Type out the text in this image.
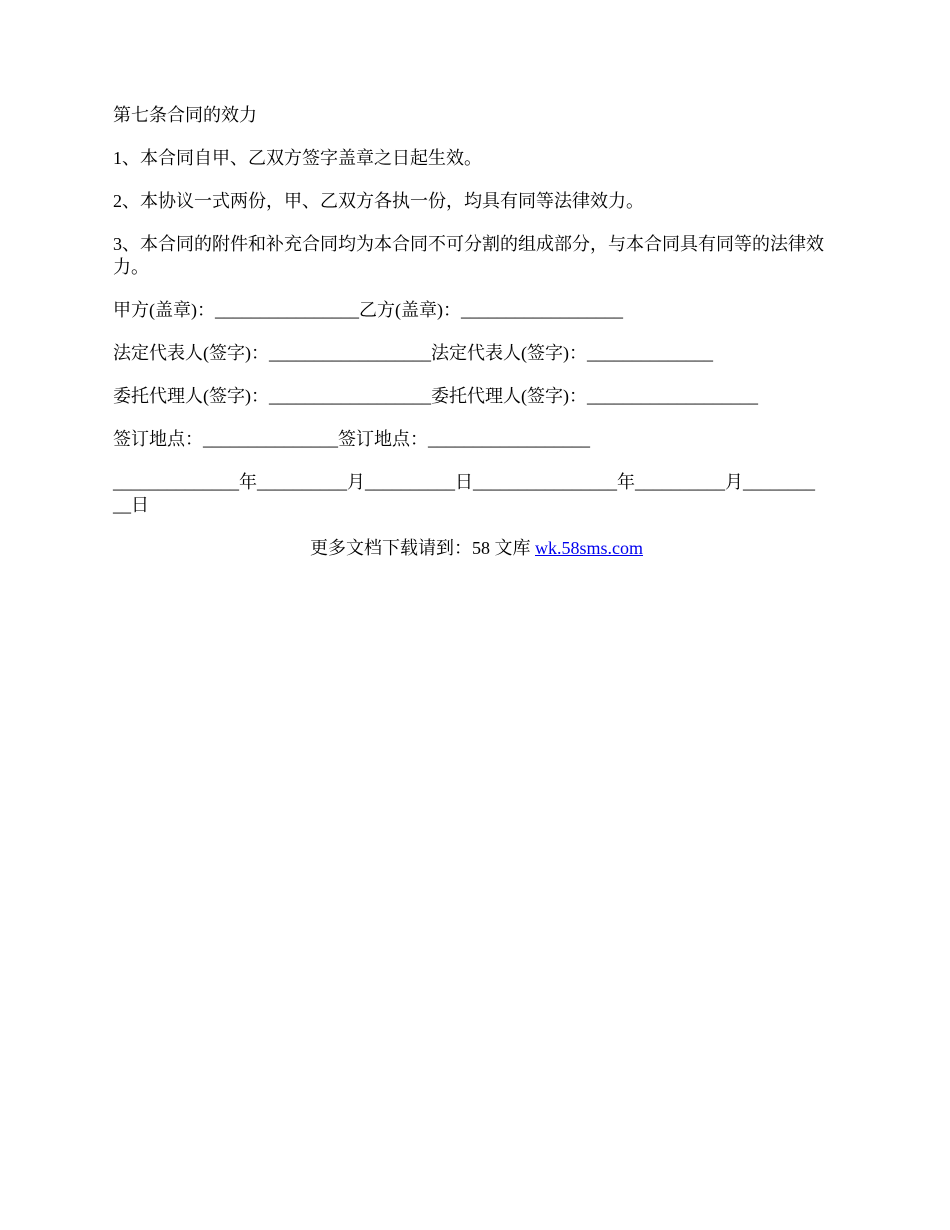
第七条合同的效力

1、本合同自甲、乙双方签字盖章之日起生效。

2、本协议一式两份，甲、乙双方各执一份，均具有同等法律效力。

3、本合同的附件和补充合同均为本合同不可分割的组成部分，与本合同具有同等的法律效力。

甲方(盖章)：________________乙方(盖章)：__________________

法定代表人(签字)：__________________法定代表人(签字)：______________

委托代理人(签字)：__________________委托代理人(签字)：___________________

签订地点：_______________签订地点：__________________

______________年__________月__________日________________年__________月________
__日

更多文档下载请到：58 文库 wk.58sms.com
